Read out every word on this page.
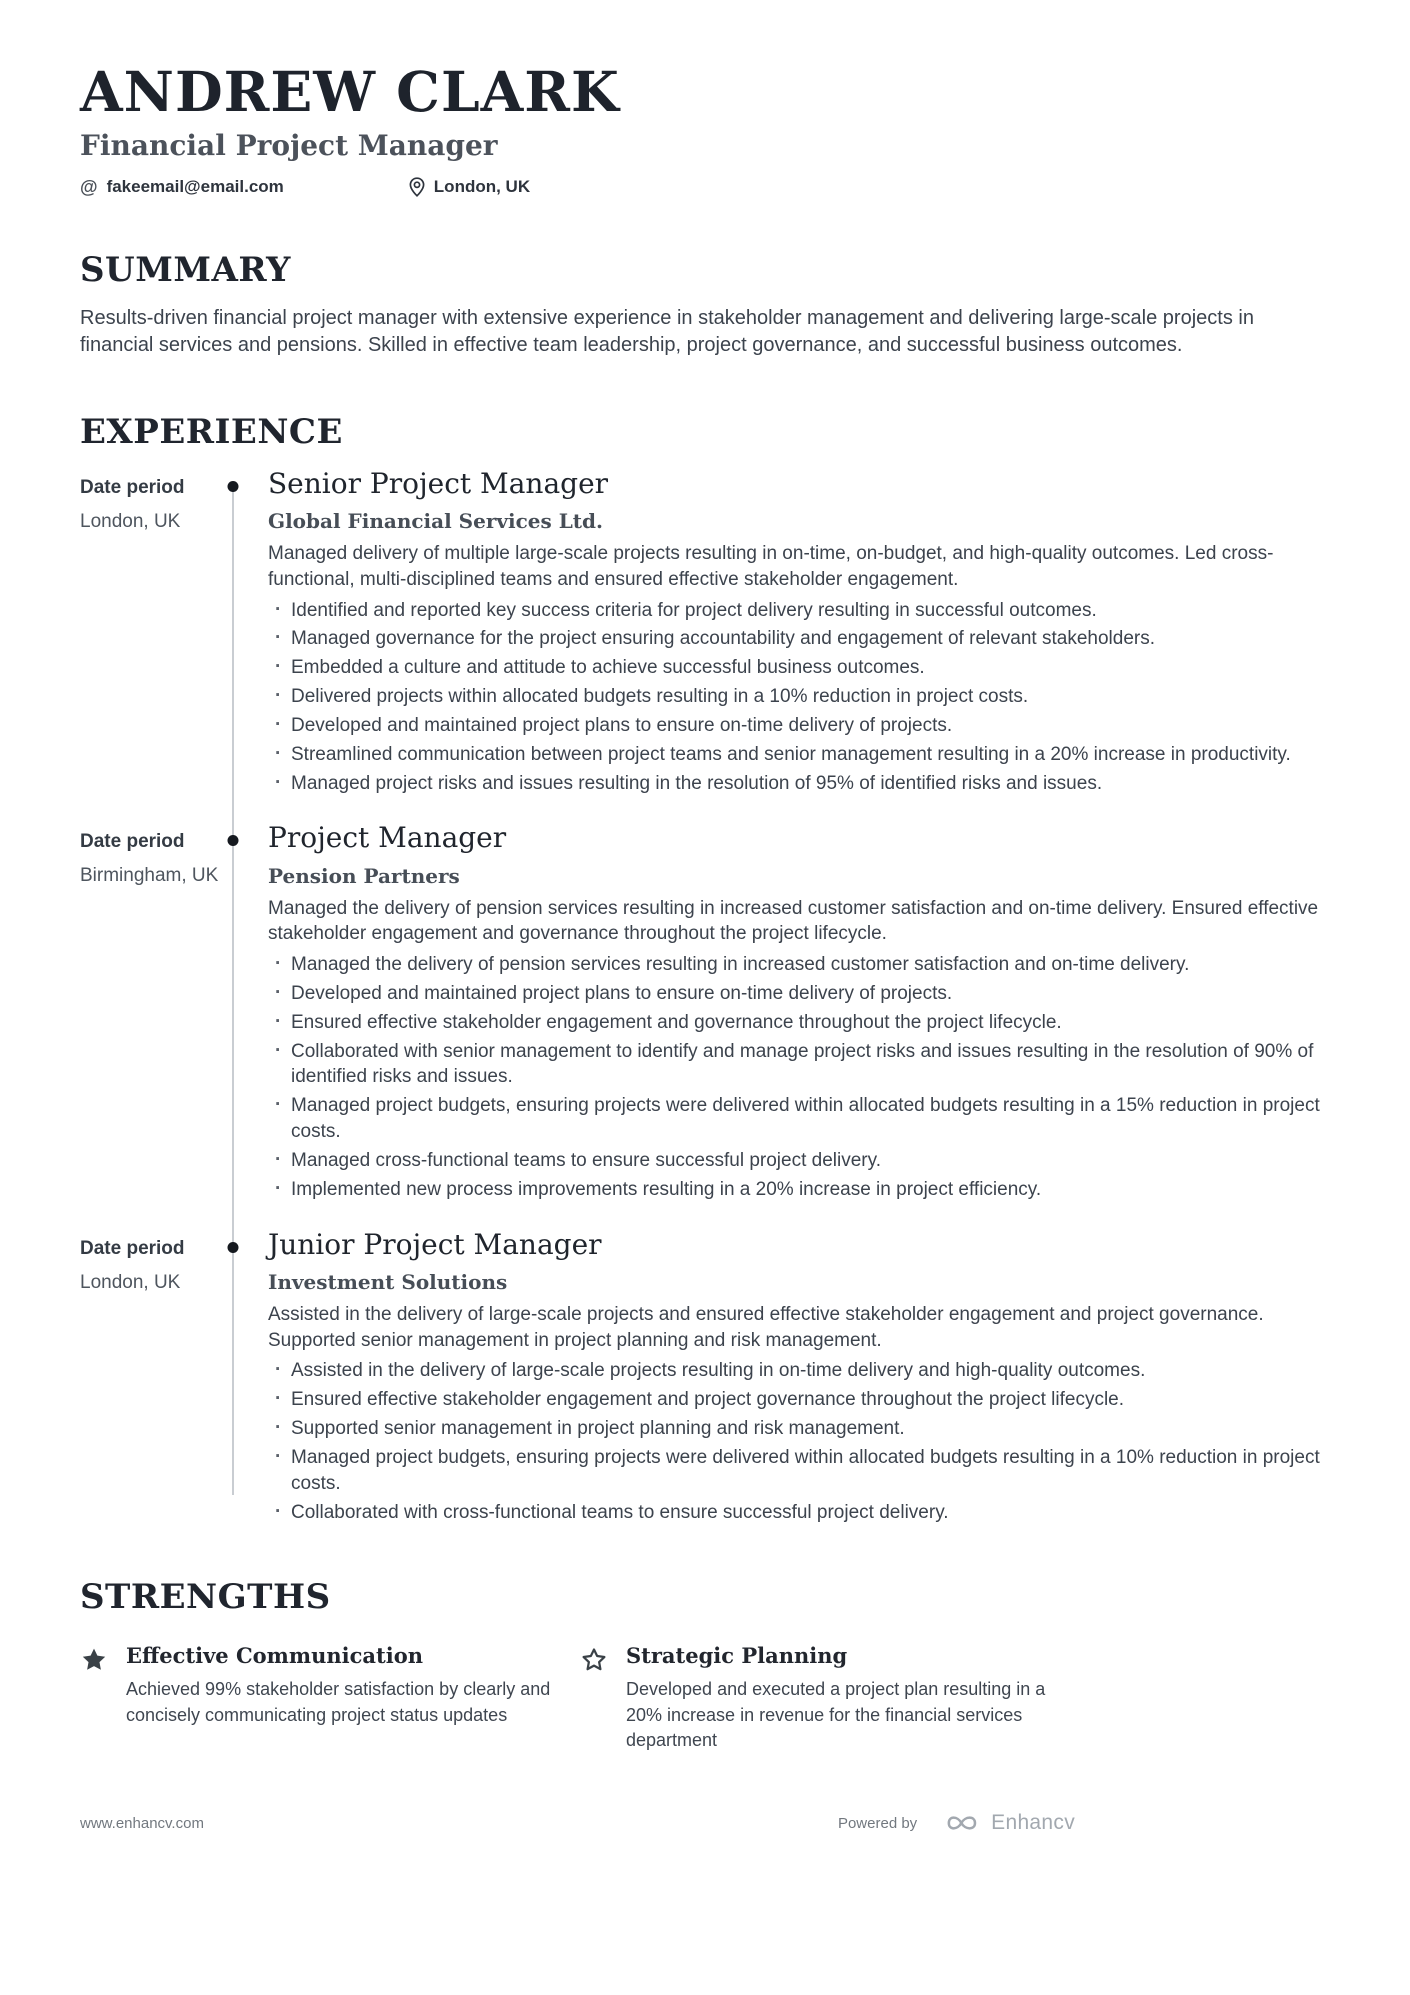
ANDREW CLARK
Financial Project Manager
@ fakeemail@email.com	London, UK
SUMMARY

Results-driven financial project manager with extensive experience in stakeholder management and delivering large-scale projects in financial services and pensions. Skilled in effective team leadership, project governance, and successful business outcomes.

EXPERIENCE
Date period
London, UK
Senior Project Manager
Global Financial Services Ltd.

Managed delivery of multiple large-scale projects resulting in on-time, on-budget, and high-quality outcomes. Led cross-functional, multi-disciplined teams and ensured effective stakeholder engagement.

· Identified and reported key success criteria for project delivery resulting in successful outcomes.
· Managed governance for the project ensuring accountability and engagement of relevant stakeholders.
· Embedded a culture and attitude to achieve successful business outcomes.
· Delivered projects within allocated budgets resulting in a 10% reduction in project costs.
· Developed and maintained project plans to ensure on-time delivery of projects.
· Streamlined communication between project teams and senior management resulting in a 20% increase in productivity.
· Managed project risks and issues resulting in the resolution of 95% of identified risks and issues.
Date period
Birmingham, UK
Project Manager
Pension Partners

Managed the delivery of pension services resulting in increased customer satisfaction and on-time delivery. Ensured effective stakeholder engagement and governance throughout the project lifecycle.

· Managed the delivery of pension services resulting in increased customer satisfaction and on-time delivery.
· Developed and maintained project plans to ensure on-time delivery of projects.
· Ensured effective stakeholder engagement and governance throughout the project lifecycle.
· Collaborated with senior management to identify and manage project risks and issues resulting in the resolution of 90% of identified risks and issues.
· Managed project budgets, ensuring projects were delivered within allocated budgets resulting in a 15% reduction in project costs.
· Managed cross-functional teams to ensure successful project delivery.
· Implemented new process improvements resulting in a 20% increase in project efficiency.
Date period
London, UK
Junior Project Manager
Investment Solutions

Assisted in the delivery of large-scale projects and ensured effective stakeholder engagement and project governance. Supported senior management in project planning and risk management.

· Assisted in the delivery of large-scale projects resulting in on-time delivery and high-quality outcomes.
· Ensured effective stakeholder engagement and project governance throughout the project lifecycle.
· Supported senior management in project planning and risk management.
· Managed project budgets, ensuring projects were delivered within allocated budgets resulting in a 10% reduction in project costs.
· Collaborated with cross-functional teams to ensure successful project delivery.
STRENGTHS
Effective Communication

Achieved 99% stakeholder satisfaction by clearly and concisely communicating project status updates

Strategic Planning

Developed and executed a project plan resulting in a 20% increase in revenue for the financial services department

www.enhancv.com	Powered by	Enhancv
